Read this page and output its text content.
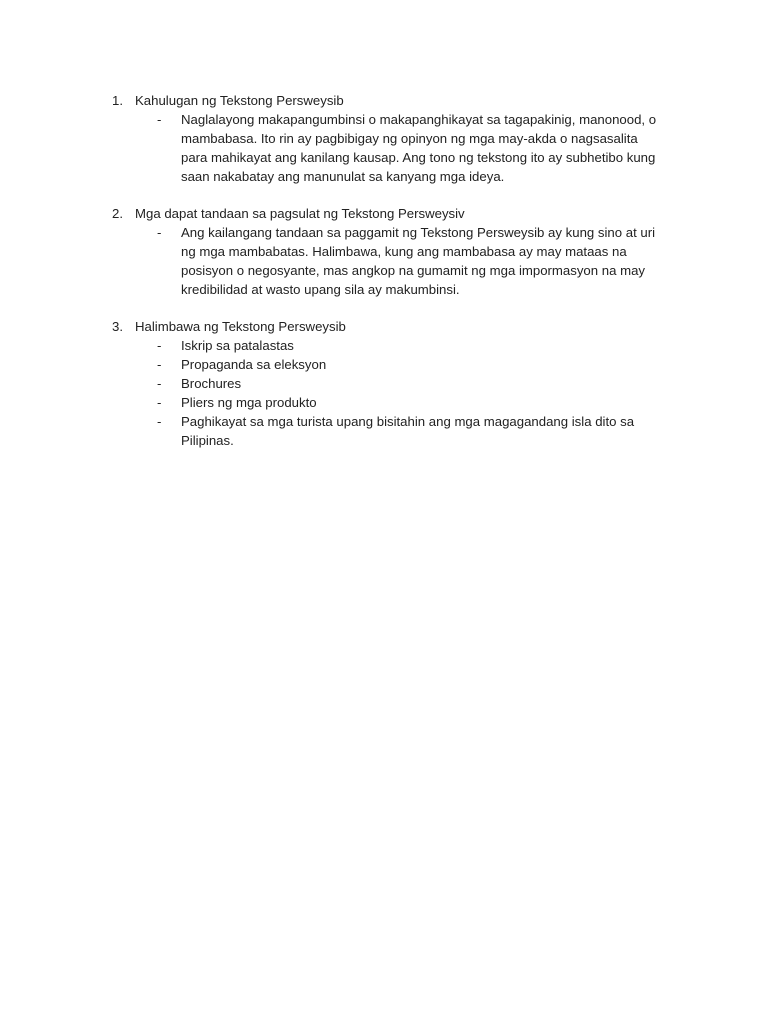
1. Kahulugan ng Tekstong Persweysib
- Naglalayong makapangumbinsi o makapanghikayat sa tagapakinig, manonood, o
mambabasa. Ito rin ay pagbibigay ng opinyon ng mga may-akda o nagsasalita
para mahikayat ang kanilang kausap. Ang tono ng tekstong ito ay subhetibo kung
saan nakabatay ang manunulat sa kanyang mga ideya.
2. Mga dapat tandaan sa pagsulat ng Tekstong Persweysiv
- Ang kailangang tandaan sa paggamit ng Tekstong Persweysib ay kung sino at uri
ng mga mambabatas. Halimbawa, kung ang mambabasa ay may mataas na
posisyon o negosyante, mas angkop na gumamit ng mga impormasyon na may
kredibilidad at wasto upang sila ay makumbinsi.
3. Halimbawa ng Tekstong Persweysib
- Iskrip sa patalastas
- Propaganda sa eleksyon
- Brochures
- Pliers ng mga produkto
- Paghikayat sa mga turista upang bisitahin ang mga magagandang isla dito sa
Pilipinas.
